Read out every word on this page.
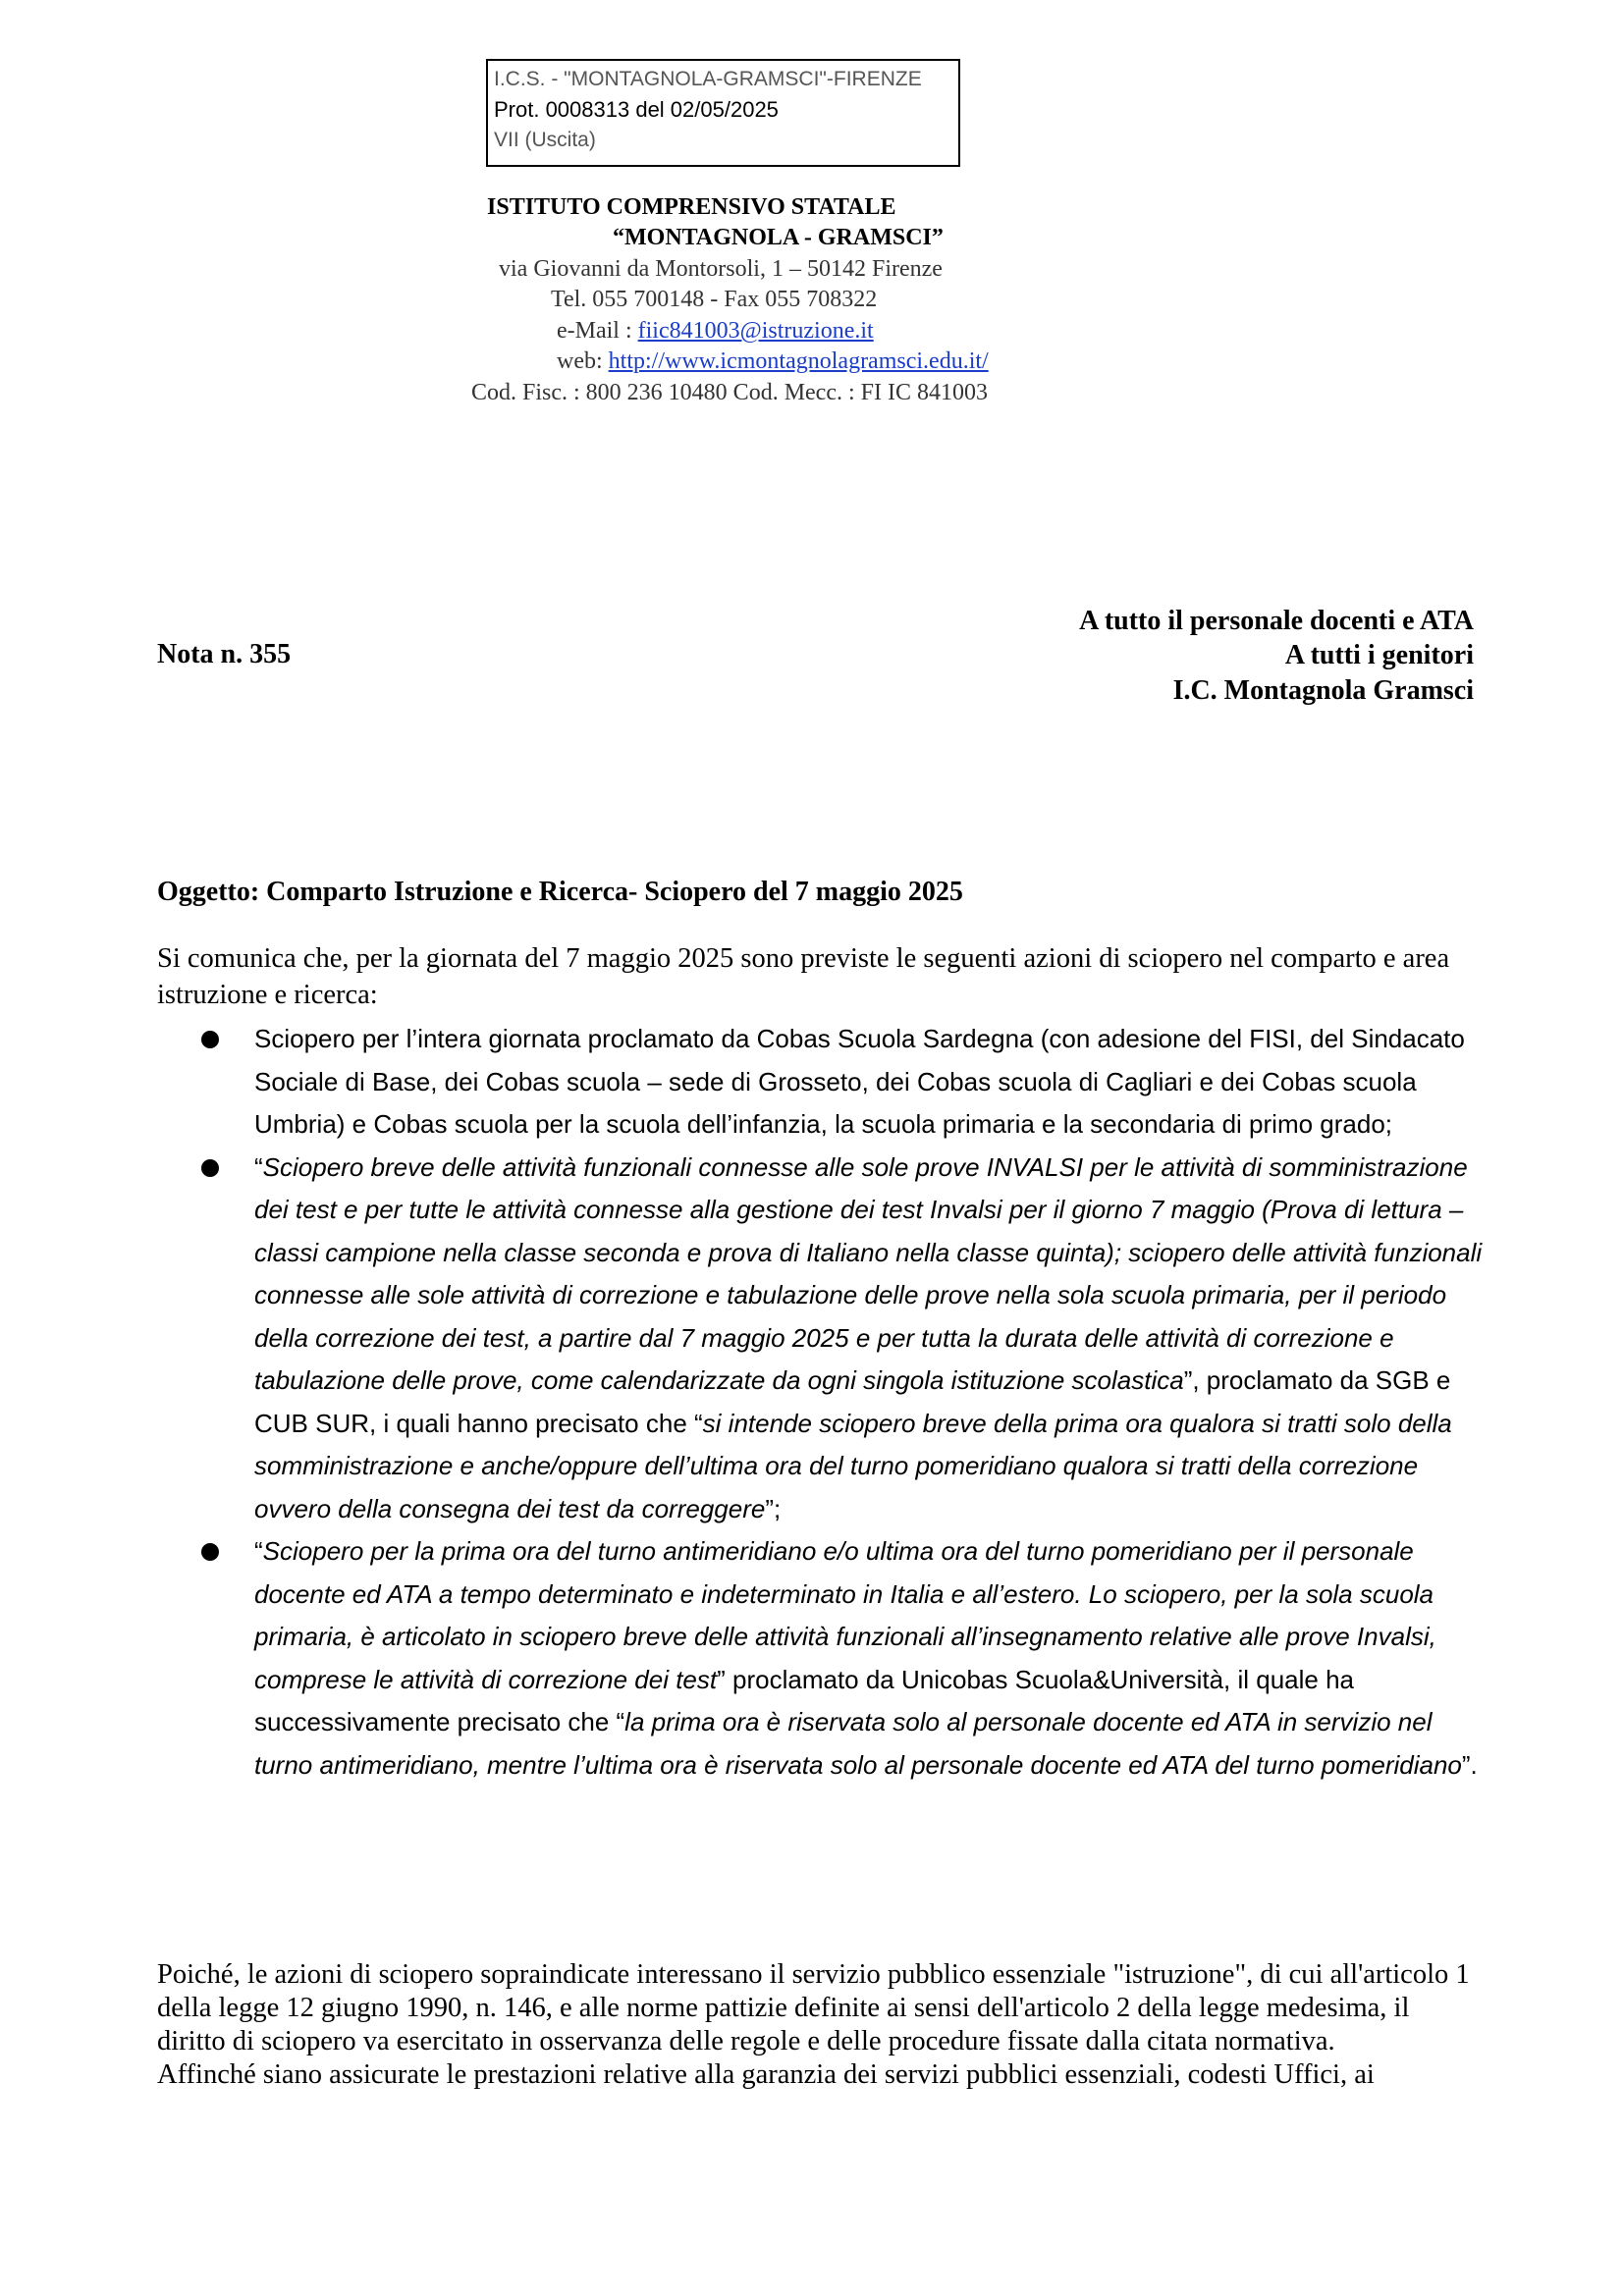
I.C.S. - "MONTAGNOLA-GRAMSCI"-FIRENZE
Prot. 0008313 del 02/05/2025
VII (Uscita)
ISTITUTO COMPRENSIVO STATALE
“MONTAGNOLA - GRAMSCI”
via Giovanni da Montorsoli, 1 – 50142 Firenze
Tel. 055 700148 - Fax 055 708322
e-Mail : fiic841003@istruzione.it
web: http://www.icmontagnolagramsci.edu.it/
Cod. Fisc. : 800 236 10480 Cod. Mecc. : FI IC 841003
A tutto il personale docenti e ATA
A tutti i genitori
I.C. Montagnola Gramsci
Nota n. 355
Oggetto: Comparto Istruzione e Ricerca- Sciopero del 7 maggio 2025
Si comunica che, per la giornata del 7 maggio 2025 sono previste le seguenti azioni di sciopero nel comparto e area istruzione e ricerca:
Sciopero per l’intera giornata proclamato da Cobas Scuola Sardegna (con adesione del FISI, del Sindacato Sociale di Base, dei Cobas scuola – sede di Grosseto, dei Cobas scuola di Cagliari e dei Cobas scuola Umbria) e Cobas scuola per la scuola dell’infanzia, la scuola primaria e la secondaria di primo grado;
“Sciopero breve delle attività funzionali connesse alle sole prove INVALSI per le attività di somministrazione dei test e per tutte le attività connesse alla gestione dei test Invalsi per il giorno 7 maggio (Prova di lettura – classi campione nella classe seconda e prova di Italiano nella classe quinta); sciopero delle attività funzionali connesse alle sole attività di correzione e tabulazione delle prove nella sola scuola primaria, per il periodo della correzione dei test, a partire dal 7 maggio 2025 e per tutta la durata delle attività di correzione e tabulazione delle prove, come calendarizzate da ogni singola istituzione scolastica”, proclamato da SGB e CUB SUR, i quali hanno precisato che “si intende sciopero breve della prima ora qualora si tratti solo della somministrazione e anche/oppure dell’ultima ora del turno pomeridiano qualora si tratti della correzione ovvero della consegna dei test da correggere”;
“Sciopero per la prima ora del turno antimeridiano e/o ultima ora del turno pomeridiano per il personale docente ed ATA a tempo determinato e indeterminato in Italia e all’estero. Lo sciopero, per la sola scuola primaria, è articolato in sciopero breve delle attività funzionali all’insegnamento relative alle prove Invalsi, comprese le attività di correzione dei test” proclamato da Unicobas Scuola&Università, il quale ha successivamente precisato che “la prima ora è riservata solo al personale docente ed ATA in servizio nel turno antimeridiano, mentre l’ultima ora è riservata solo al personale docente ed ATA del turno pomeridiano”.
Poiché, le azioni di sciopero sopraindicate interessano il servizio pubblico essenziale "istruzione", di cui all'articolo 1 della legge 12 giugno 1990, n. 146, e alle norme pattizie definite ai sensi dell'articolo 2 della legge medesima, il diritto di sciopero va esercitato in osservanza delle regole e delle procedure fissate dalla citata normativa.
Affinché siano assicurate le prestazioni relative alla garanzia dei servizi pubblici essenziali, codesti Uffici, ai
